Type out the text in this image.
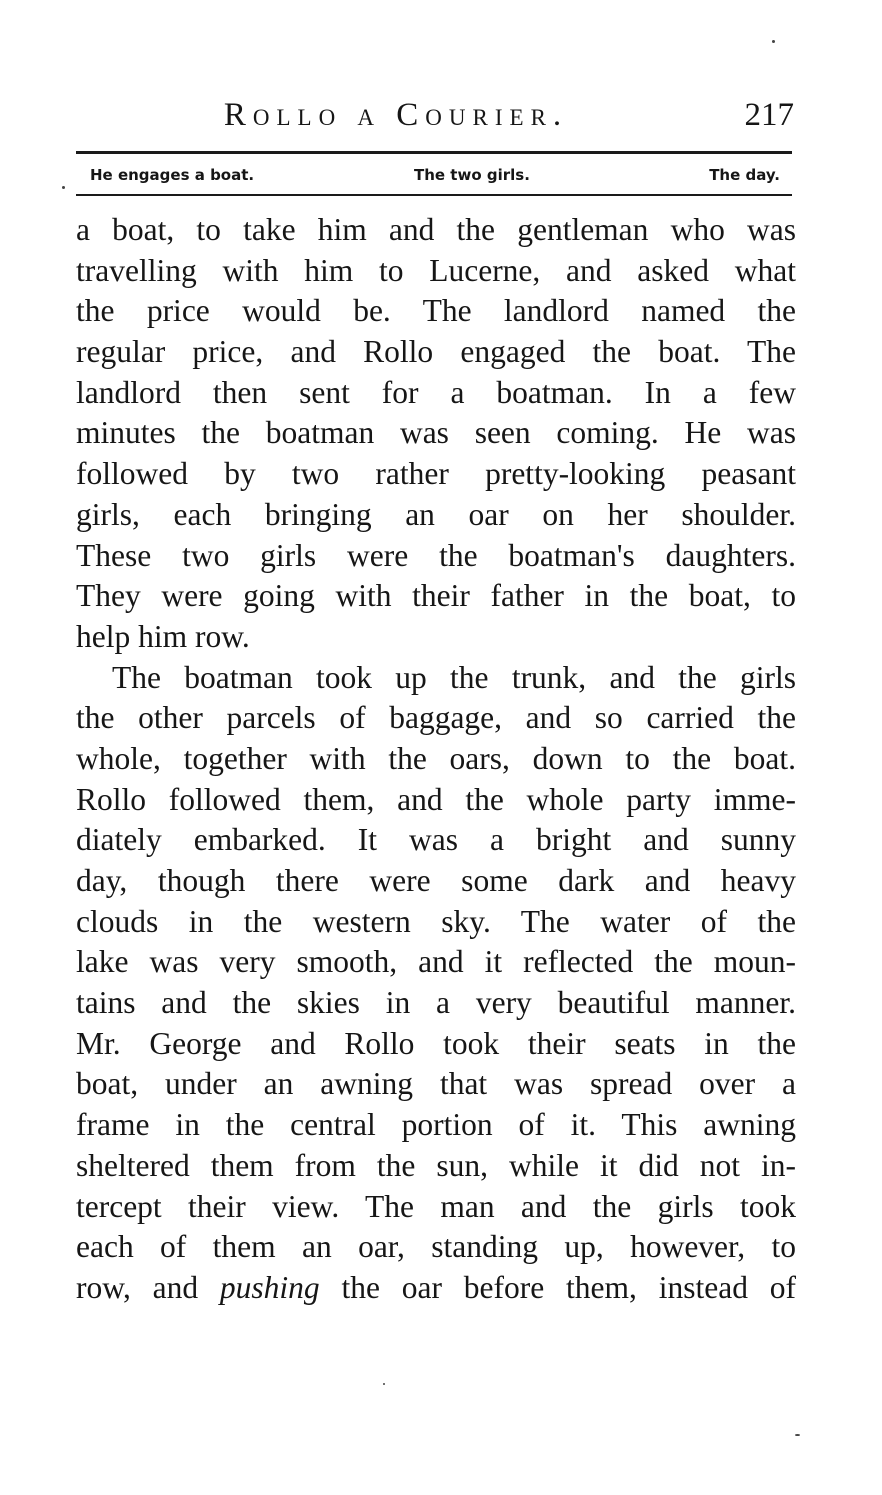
Rollo a Courier.	217
He engages a boat.	The two girls.	The day.
a boat, to take him and the gentleman who was
travelling with him to Lucerne, and asked what
the price would be. The landlord named the
regular price, and Rollo engaged the boat. The
landlord then sent for a boatman. In a few
minutes the boatman was seen coming. He was
followed by two rather pretty-looking peasant
girls, each bringing an oar on her shoulder.
These two girls were the boatman's daughters.
They were going with their father in the boat, to
help him row.
The boatman took up the trunk, and the girls
the other parcels of baggage, and so carried the
whole, together with the oars, down to the boat.
Rollo followed them, and the whole party imme-
diately embarked. It was a bright and sunny
day, though there were some dark and heavy
clouds in the western sky. The water of the
lake was very smooth, and it reflected the moun-
tains and the skies in a very beautiful manner.
Mr. George and Rollo took their seats in the
boat, under an awning that was spread over a
frame in the central portion of it. This awning
sheltered them from the sun, while it did not in-
tercept their view. The man and the girls took
each of them an oar, standing up, however, to
row, and pushing the oar before them, instead of
